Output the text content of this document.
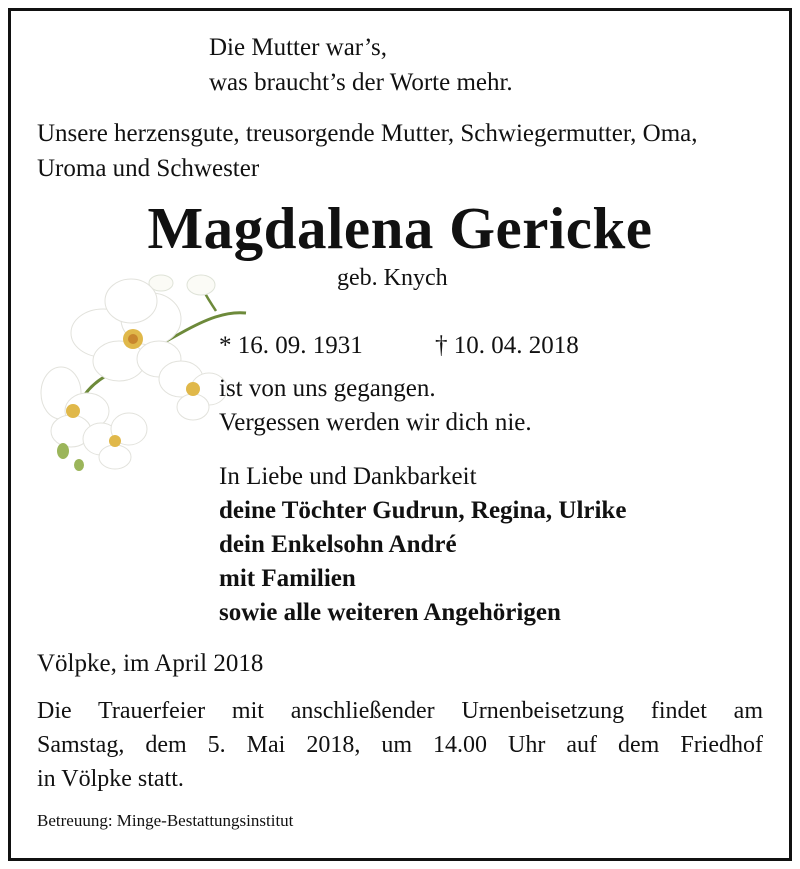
Die Mutter war’s,
was braucht’s der Worte mehr.
Unsere herzensgute, treusorgende Mutter, Schwiegermutter, Oma,
Uroma und Schwester
Magdalena Gericke
geb. Knych
* 16. 09. 1931	† 10. 04. 2018
ist von uns gegangen.
Vergessen werden wir dich nie.
In Liebe und Dankbarkeit
deine Töchter Gudrun, Regina, Ulrike
dein Enkelsohn André
mit Familien
sowie alle weiteren Angehörigen
Völpke, im April 2018
Die Trauerfeier mit anschließender Urnenbeisetzung findet am
Samstag, dem 5. Mai 2018, um 14.00 Uhr auf dem Friedhof
in Völpke statt.
Betreuung: Minge-Bestattungsinstitut
